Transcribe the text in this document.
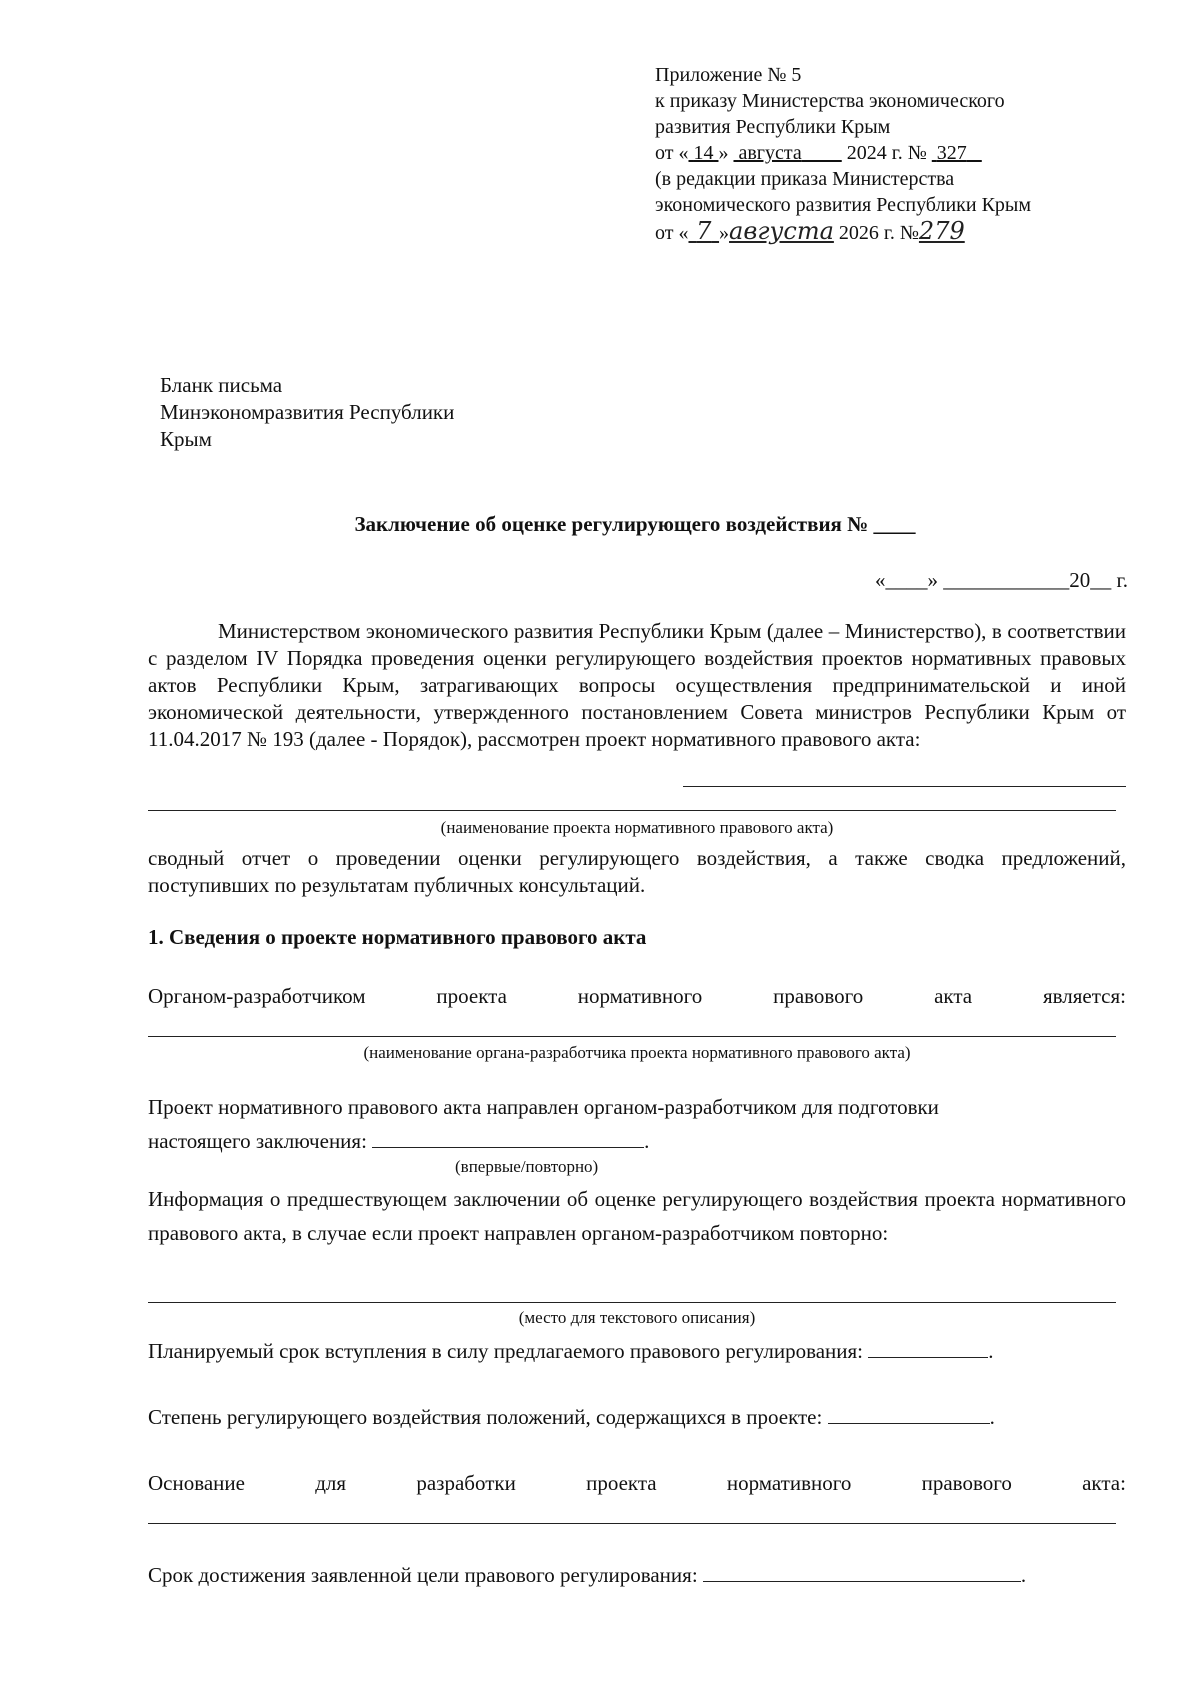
Приложение № 5
к приказу Министерства экономического
развития Республики Крым
от « 14 » августа 2024 г. № 327
(в редакции приказа Министерства
экономического развития Республики Крым
от « 7 »августа 2026 г. №279
Бланк письма
Минэкономразвития Республики
Крым
Заключение об оценке регулирующего воздействия № ____
«____» ____________20__ г.

Министерством экономического развития Республики Крым (далее – Министерство), в соответствии с разделом IV Порядка проведения оценки регулирующего воздействия проектов нормативных правовых актов Республики Крым, затрагивающих вопросы осуществления предпринимательской и иной экономической деятельности, утвержденного постановлением Совета министров Республики Крым от 11.04.2017 № 193 (далее - Порядок), рассмотрен проект нормативного правового акта:

(наименование проекта нормативного правового акта)

сводный отчет о проведении оценки регулирующего воздействия, а также сводка предложений, поступивших по результатам публичных консультаций.

1. Сведения о проекте нормативного правового акта
Органом-разработчиком	проекта	нормативного	правового	акта	является:
(наименование органа-разработчика проекта нормативного правового акта)
Проект нормативного правового акта направлен органом-разработчиком для подготовки
настоящего заключения:	.
(впервые/повторно)

Информация о предшествующем заключении об оценке регулирующего воздействия проекта нормативного правового акта, в случае если проект направлен органом-разработчиком повторно:

(место для текстового описания)
Планируемый срок вступления в силу предлагаемого правового регулирования:	.
Степень регулирующего воздействия положений, содержащихся в проекте:	.
Основание	для	разработки	проекта	нормативного	правового	акта:
Срок достижения заявленной цели правового регулирования:	.
